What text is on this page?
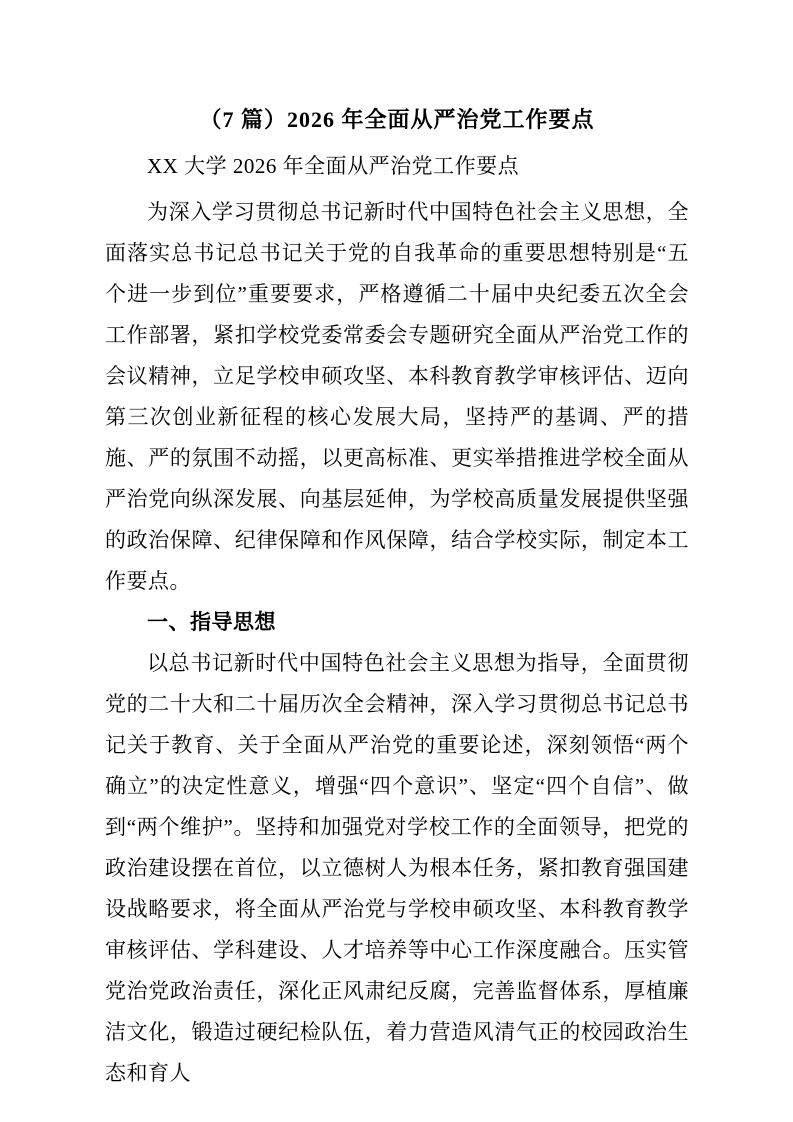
（7 篇）2026 年全面从严治党工作要点

XX 大学 2026 年全面从严治党工作要点

为深入学习贯彻总书记新时代中国特色社会主义思想，全面落实总书记总书记关于党的自我革命的重要思想特别是“五个进一步到位”重要要求，严格遵循二十届中央纪委五次全会工作部署，紧扣学校党委常委会专题研究全面从严治党工作的会议精神，立足学校申硕攻坚、本科教育教学审核评估、迈向第三次创业新征程的核心发展大局，坚持严的基调、严的措施、严的氛围不动摇，以更高标准、更实举措推进学校全面从严治党向纵深发展、向基层延伸，为学校高质量发展提供坚强的政治保障、纪律保障和作风保障，结合学校实际，制定本工作要点。

一、指导思想

以总书记新时代中国特色社会主义思想为指导，全面贯彻党的二十大和二十届历次全会精神，深入学习贯彻总书记总书记关于教育、关于全面从严治党的重要论述，深刻领悟“两个确立”的决定性意义，增强“四个意识”、坚定“四个自信”、做到“两个维护”。坚持和加强党对学校工作的全面领导，把党的政治建设摆在首位，以立德树人为根本任务，紧扣教育强国建设战略要求，将全面从严治党与学校申硕攻坚、本科教育教学审核评估、学科建设、人才培养等中心工作深度融合。压实管党治党政治责任，深化正风肃纪反腐，完善监督体系，厚植廉洁文化，锻造过硬纪检队伍，着力营造风清气正的校园政治生态和育人
